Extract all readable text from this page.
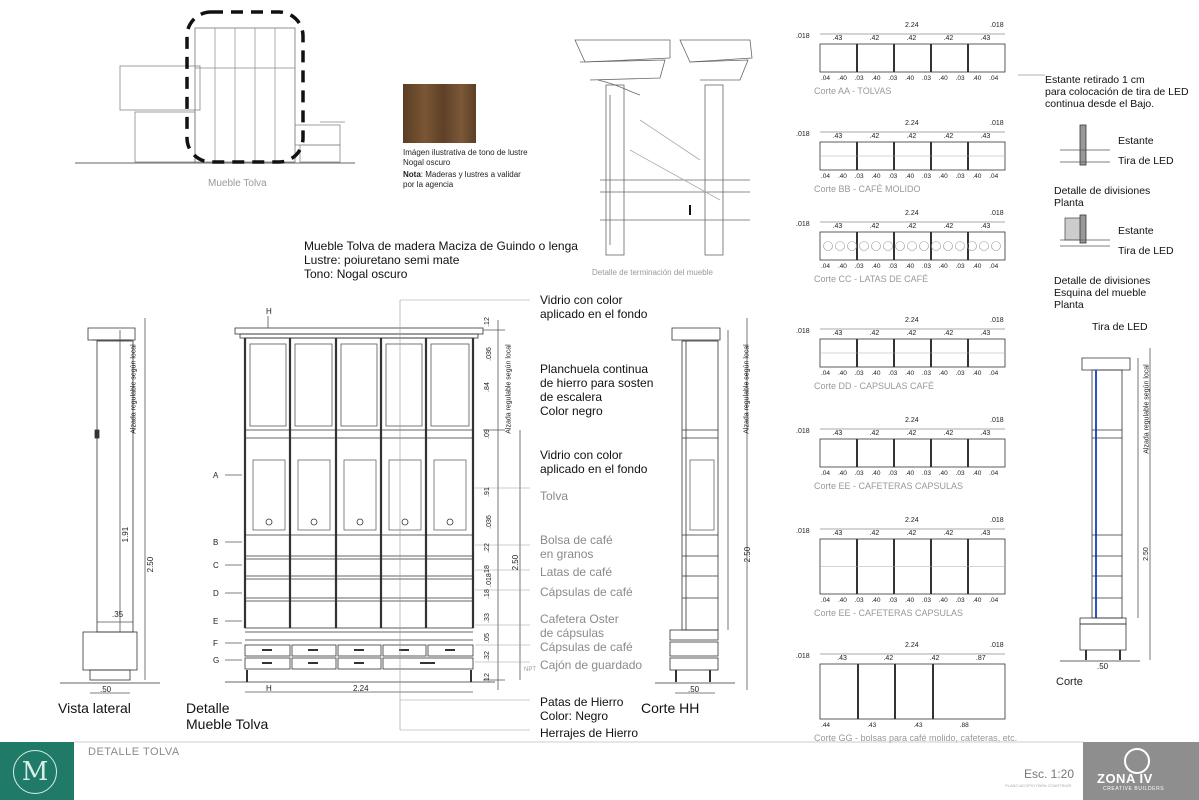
Mueble Tolva
Imágen ilustrativa de tono de lustre
Nogal oscuro
Nota: Maderas y lustres a validar
por la agencia
Detalle de terminación del mueble
Mueble Tolva de madera Maciza de Guindo o lenga
Lustre: poiuretano semi mate
Tono: Nogal oscuro
Vidrio con color
aplicado en el fondo
Planchuela continua
de hierro para sosten
de escalera
Color negro
Vidrio con color
aplicado en el fondo
Tolva
Bolsa de café
en granos
Latas de café
Cápsulas de café
Cafetera Oster
de cápsulas
Cápsulas de café
Cajón de guardado
Patas de Hierro
Color: Negro
Herrajes de Hierro
Vista lateral	Detalle
Mueble Tolva
Corte HH
Corte
2.24
H
H
.50
.35
.50
.50
NPT
2.50
1.91
2.50
2.50	2.50
Alzada regulable según local	Alzada regulable según local	Alzada regulable según local	Alzada regulable según local
A
B
C
D
E
F
G
.12
.036
.84
.09
.91
.036
.22
.18
.018
.18
.33
.05
.32
.12
Estante retirado 1 cm
para colocación de tira de LED
continua desde el Bajo.
Estante
Tira de LED
Detalle de divisiones
Planta
Estante
Tira de LED
Detalle de divisiones
Esquina del mueble
Planta
Tira de LED
2.24
.43	.42	.42	.42	.43
.018
.018
.04 .40 .03 .40 .03 .40 .03 .40 .03 .40 .04
Corte AA - TOLVAS
2.24
.43	.42	.42	.42	.43
.018
.018
.04 .40 .03 .40 .03 .40 .03 .40 .03 .40 .04
Corte BB - CAFÉ MOLIDO
2.24
.43	.42	.42	.42	.43
.018
.018
.04 .40 .03 .40 .03 .40 .03 .40 .03 .40 .04
Corte CC - LATAS DE CAFÉ
2.24
.43	.42	.42	.42	.43
.018
.018
.04 .40 .03 .40 .03 .40 .03 .40 .03 .40 .04
Corte DD - CAPSULAS CAFÉ
2.24
.43	.42	.42	.42	.43
.018
.018
.04 .40 .03 .40 .03 .40 .03 .40 .03 .40 .04
Corte EE - CAFETERAS CAPSULAS
2.24
.43	.42	.42	.42	.43
.018
.018
.04 .40 .03 .40 .03 .40 .03 .40 .03 .40 .04
Corte EE - CAFETERAS CAPSULAS
2.24
.43	.42	.42	.87
.018
.018
.44	.43	.43	.88
Corte GG - bolsas para café molido, cafeteras, etc.
M
DETALLE TOLVA
Esc. 1:20
PLANO ACOPIO PARA CONSTRUIR ZONA IV
CREATIVE BUILDERS
